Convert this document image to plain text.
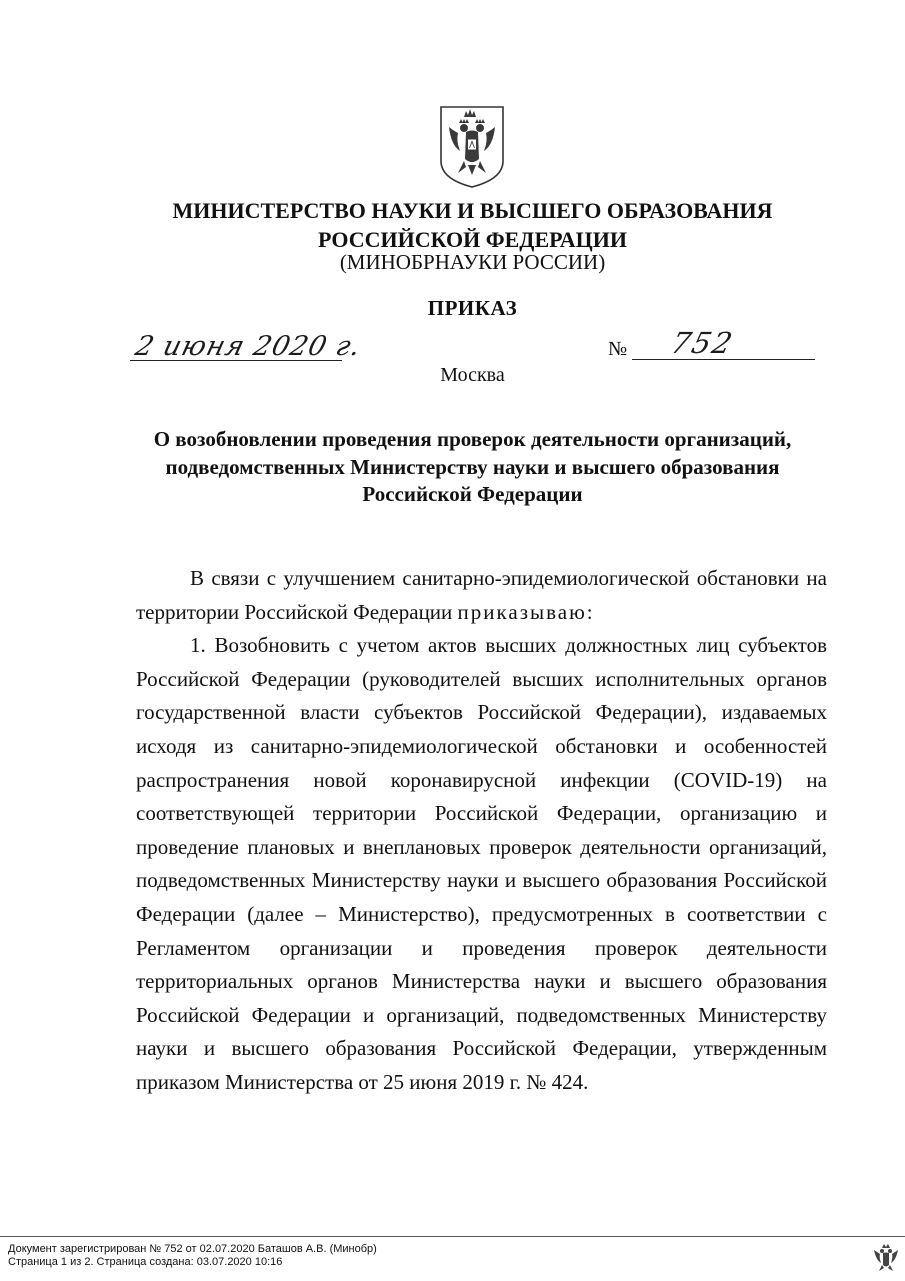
МИНИСТЕРСТВО НАУКИ И ВЫСШЕГО ОБРАЗОВАНИЯ
РОССИЙСКОЙ ФЕДЕРАЦИИ
(МИНОБРНАУКИ РОССИИ)
ПРИКАЗ
2 июня 2020 г.	№ 752
Москва
О возобновлении проведения проверок деятельности организаций,
подведомственных Министерству науки и высшего образования
Российской Федерации

В связи с улучшением санитарно-эпидемиологической обстановки на территории Российской Федерации приказываю:

1. Возобновить с учетом актов высших должностных лиц субъектов Российской Федерации (руководителей высших исполнительных органов государственной власти субъектов Российской Федерации), издаваемых исходя из санитарно-эпидемиологической обстановки и особенностей распространения новой коронавирусной инфекции (COVID-19) на соответствующей территории Российской Федерации, организацию и проведение плановых и внеплановых проверок деятельности организаций, подведомственных Министерству науки и высшего образования Российской Федерации (далее – Министерство), предусмотренных в соответствии с Регламентом организации и проведения проверок деятельности территориальных органов Министерства науки и высшего образования Российской Федерации и организаций, подведомственных Министерству науки и высшего образования Российской Федерации, утвержденным приказом Министерства от 25 июня 2019 г. № 424.

Документ зарегистрирован № 752 от 02.07.2020 Баташов А.В. (Минобр)
Страница 1 из 2. Страница создана: 03.07.2020 10:16
